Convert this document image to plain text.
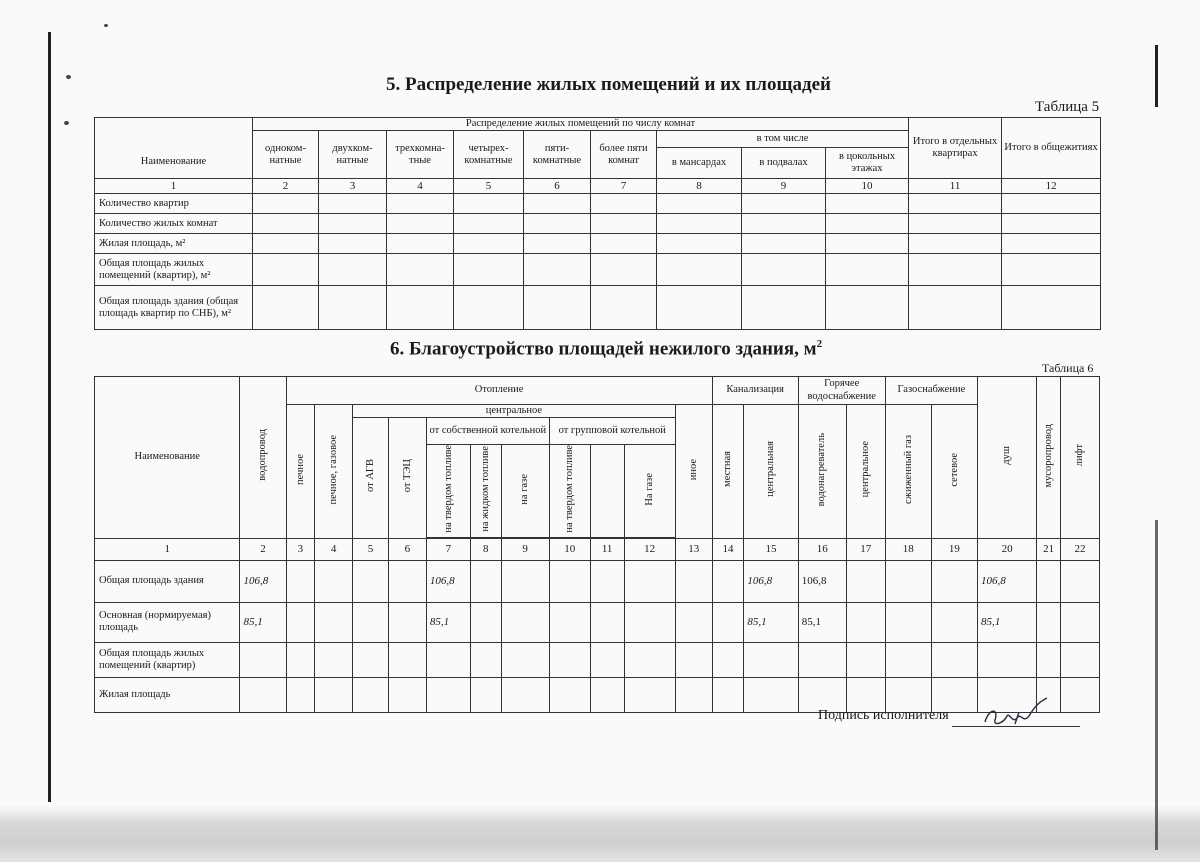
5. Распределение жилых помещений и их площадей
Таблица 5
Наименование	Распределение жилых помещений по числу комнат									Итого в отдельных квартирах	Итого в общежитиях
	однокомнатные	двухкомнатные	трехкомнатные	четырех-комнатные	пяти-комнатные	более пяти комнат	в том числе				
							в мансардах	в подвалах	в цокольных этажах		
1	2	3	4	5	6	7	8	9	10	11	12
Количество квартир											
Количество жилых комнат											
Жилая площадь, м²											
Общая площадь жилых помещений (квартир), м²											
Общая площадь здания (общая площадь квартир по СНБ), м²											
6. Благоустройство площадей нежилого здания, $м^2$
Таблица 6
Наименование	водопровод	Отопление											Канализация		Горячее водоснабжение		Газоснабжение		душ	мусоропровод	лифт
		печное	печное, газовое	центральное								иное	местная	центральная	водонагреватель	центральное	сжиженный газ	сетевое			
				от АГВ	от ТЭЦ	от собственной котельной			от групповой котельной												
						на твердом топливе	на жидком топливе	на газе	на твердом топливе		На газе										

1	2	3	4	5	6	7	8	9	10	11	12	13	14	15	16	17	18	19	20	21	22
Общая площадь здания	106,8					106,8								106,8	106,8				106,8		
Основная (нормируемая) площадь	85,1					85,1								85,1	85,1				85,1		
Общая площадь жилых помещений (квартир)																					
Жилая площадь																					
Подпись исполнителя
